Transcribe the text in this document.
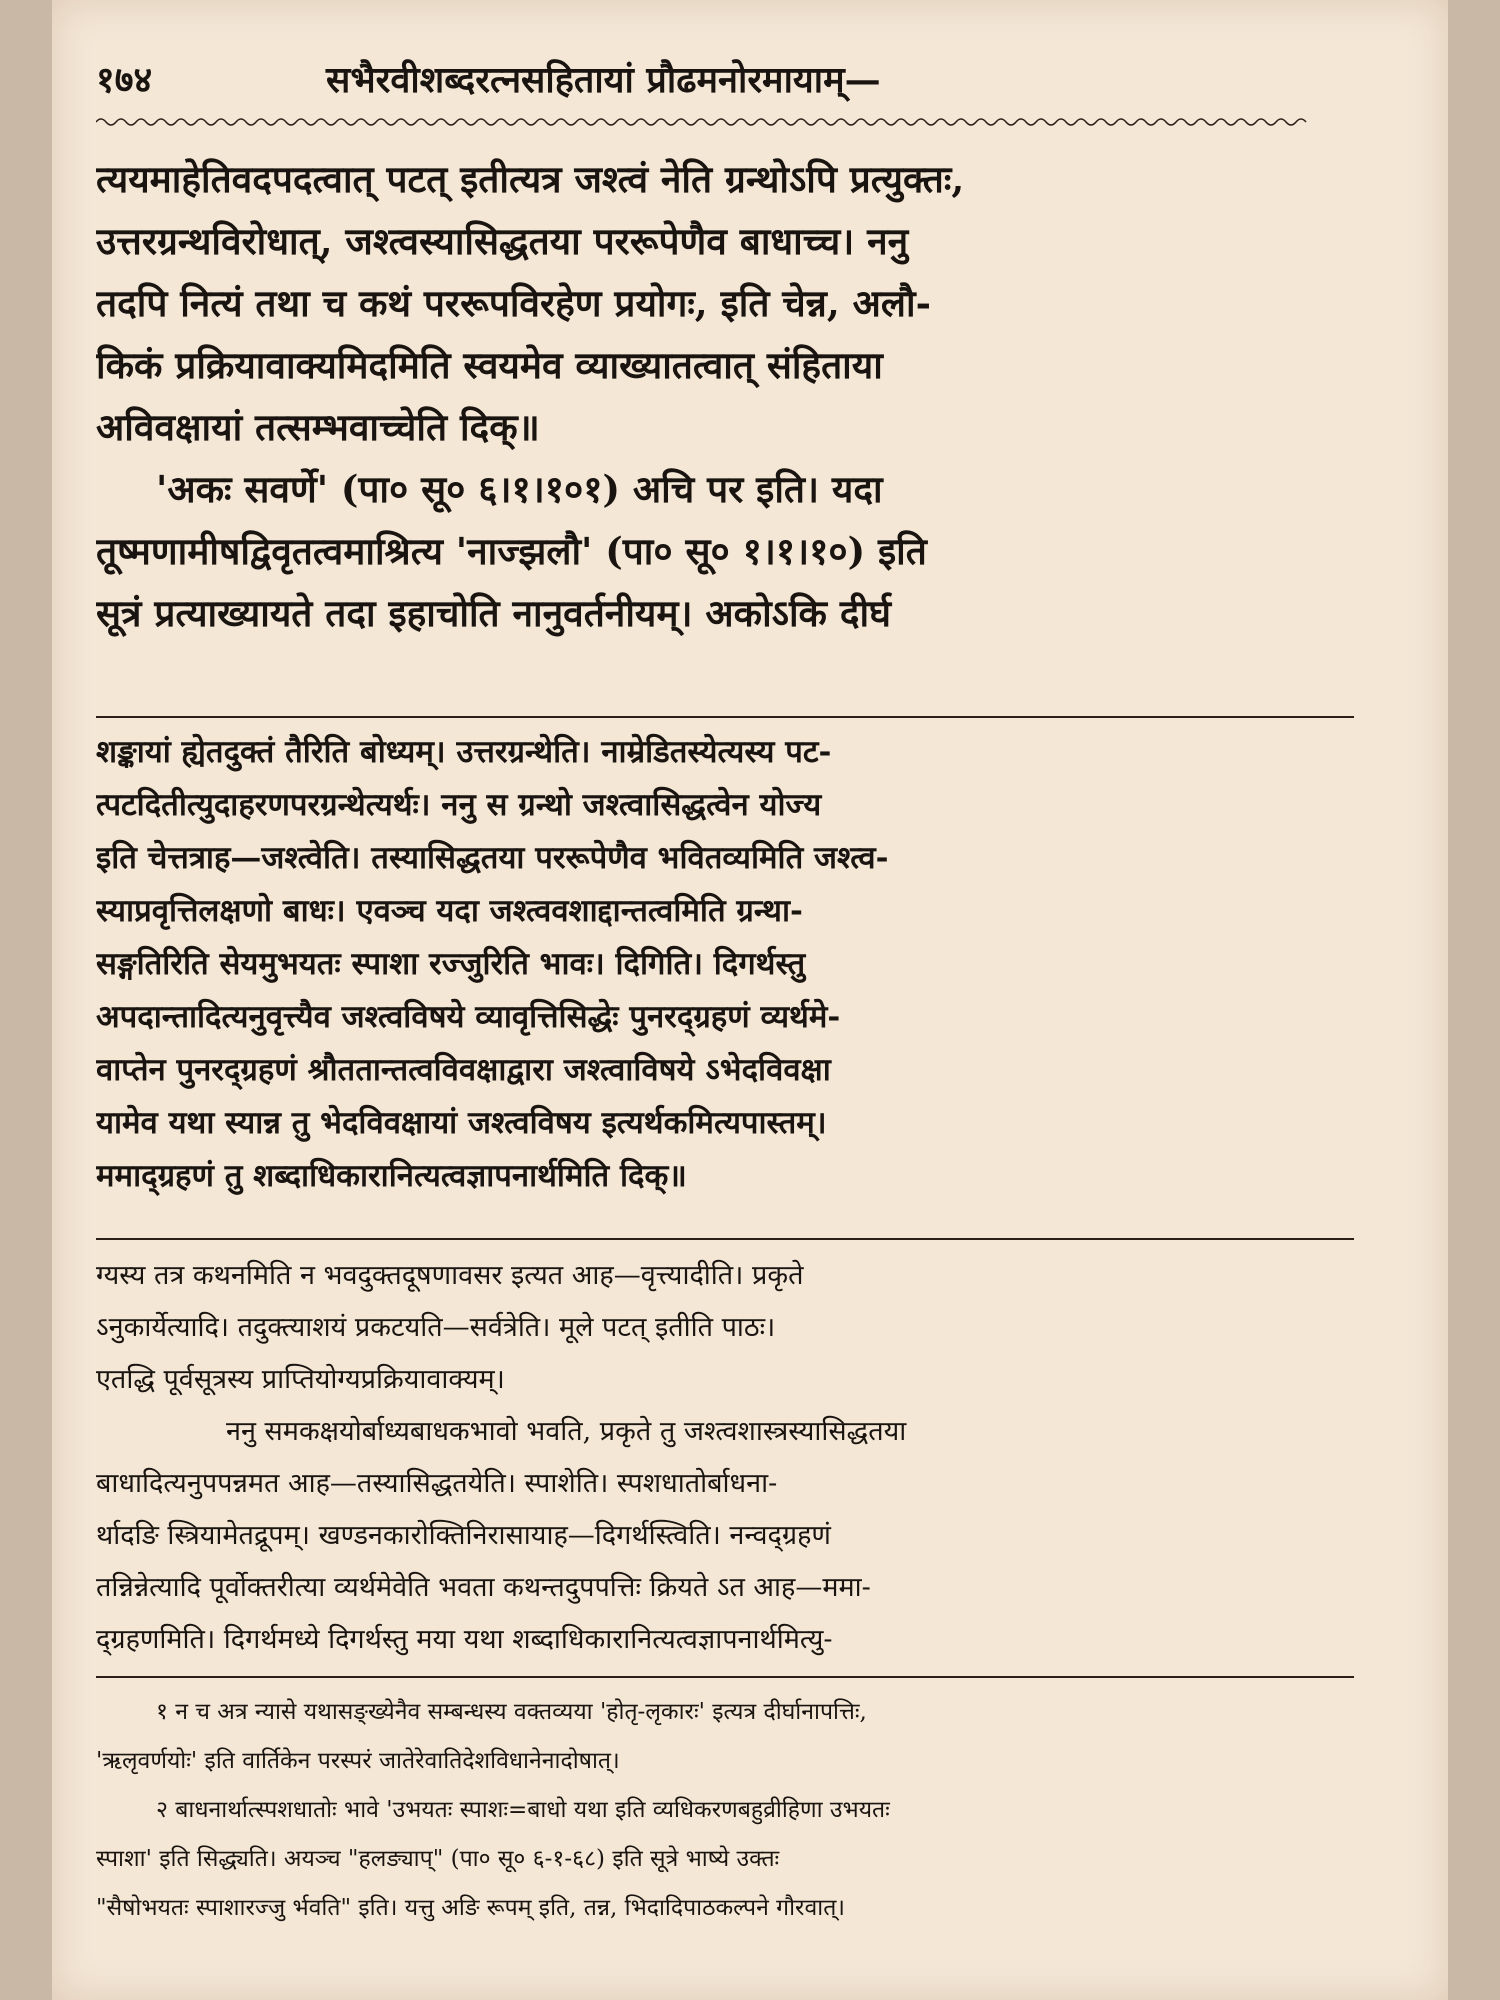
१७४	सभैरवीशब्दरत्नसहितायां प्रौढमनोरमायाम्—
त्ययमाहेतिवदपदत्वात् पटत् इतीत्यत्र जश्त्वं नेति ग्रन्थोऽपि प्रत्युक्तः,
उत्तरग्रन्थविरोधात्, जश्त्वस्यासिद्धतया पररूपेणैव बाधाच्च। ननु
तदपि नित्यं तथा च कथं पररूपविरहेण प्रयोगः, इति चेन्न, अलौ-
किकं प्रक्रियावाक्यमिदमिति स्वयमेव व्याख्यातत्वात् संहिताया
अविवक्षायां तत्सम्भवाच्चेति दिक्॥
'अकः सवर्णे' (पा० सू० ६।१।१०१) अचि पर इति। यदा
तूष्मणामीषद्विवृतत्वमाश्रित्य 'नाज्झलौ' (पा० सू० १।१।१०) इति
सूत्रं प्रत्याख्यायते तदा इहाचोति नानुवर्तनीयम्। अकोऽकि दीर्घ
शङ्कायां ह्येतदुक्तं तैरिति बोध्यम्। उत्तरग्रन्थेति। नाम्रेडितस्येत्यस्य पट-
त्पटदितीत्युदाहरणपरग्रन्थेत्यर्थः। ननु स ग्रन्थो जश्त्वासिद्धत्वेन योज्य
इति चेत्तत्राह—जश्त्वेति। तस्यासिद्धतया पररूपेणैव भवितव्यमिति जश्त्व-
स्याप्रवृत्तिलक्षणो बाधः। एवञ्च यदा जश्त्ववशाद्दान्तत्वमिति ग्रन्था-
सङ्गतिरिति सेयमुभयतः स्पाशा रज्जुरिति भावः। दिगिति। दिगर्थस्तु
अपदान्तादित्यनुवृत्त्यैव जश्त्वविषये व्यावृत्तिसिद्धेः पुनरद्ग्रहणं व्यर्थमे-
वाप्तेन पुनरद्ग्रहणं श्रौततान्तत्वविवक्षाद्वारा जश्त्वाविषये ऽभेदविवक्षा
यामेव यथा स्यान्न तु भेदविवक्षायां जश्त्वविषय इत्यर्थकमित्यपास्तम्।
ममाद्ग्रहणं तु शब्दाधिकारानित्यत्वज्ञापनार्थमिति दिक्॥
ग्यस्य तत्र कथनमिति न भवदुक्तदूषणावसर इत्यत आह—वृत्त्यादीति। प्रकृते
ऽनुकार्येत्यादि। तदुक्त्याशयं प्रकटयति—सर्वत्रेति। मूले पटत् इतीति पाठः।
एतद्धि पूर्वसूत्रस्य प्राप्तियोग्यप्रक्रियावाक्यम्।
ननु समकक्षयोर्बाध्यबाधकभावो भवति, प्रकृते तु जश्त्वशास्त्रस्यासिद्धतया
बाधादित्यनुपपन्नमत आह—तस्यासिद्धतयेति। स्पाशेति। स्पशधातोर्बाधना-
र्थादङि स्त्रियामेतद्रूपम्। खण्डनकारोक्तिनिरासायाह—दिगर्थस्त्विति। नन्वद्ग्रहणं
तन्निन्नेत्यादि पूर्वोक्तरीत्या व्यर्थमेवेति भवता कथन्तदुपपत्तिः क्रियते ऽत आह—ममा-
द्ग्रहणमिति। दिगर्थमध्ये दिगर्थस्तु मया यथा शब्दाधिकारानित्यत्वज्ञापनार्थमित्यु-
१ न च अत्र न्यासे यथासङ्ख्येनैव सम्बन्धस्य वक्तव्यया 'होतृ-लृकारः' इत्यत्र दीर्घानापत्तिः,
'ऋलृवर्णयोः' इति वार्तिकेन परस्परं जातेरेवातिदेशविधानेनादोषात्।
२ बाधनार्थात्स्पशधातोः भावे 'उभयतः स्पाशः=बाधो यथा इति व्यधिकरणबहुव्रीहिणा उभयतः
स्पाशा' इति सिद्ध्यति। अयञ्च "हलङ्याप्" (पा० सू० ६-१-६८) इति सूत्रे भाष्ये उक्तः
"सैषोभयतः स्पाशारज्जु र्भवति" इति। यत्तु अङि रूपम् इति, तन्न, भिदादिपाठकल्पने गौरवात्।
